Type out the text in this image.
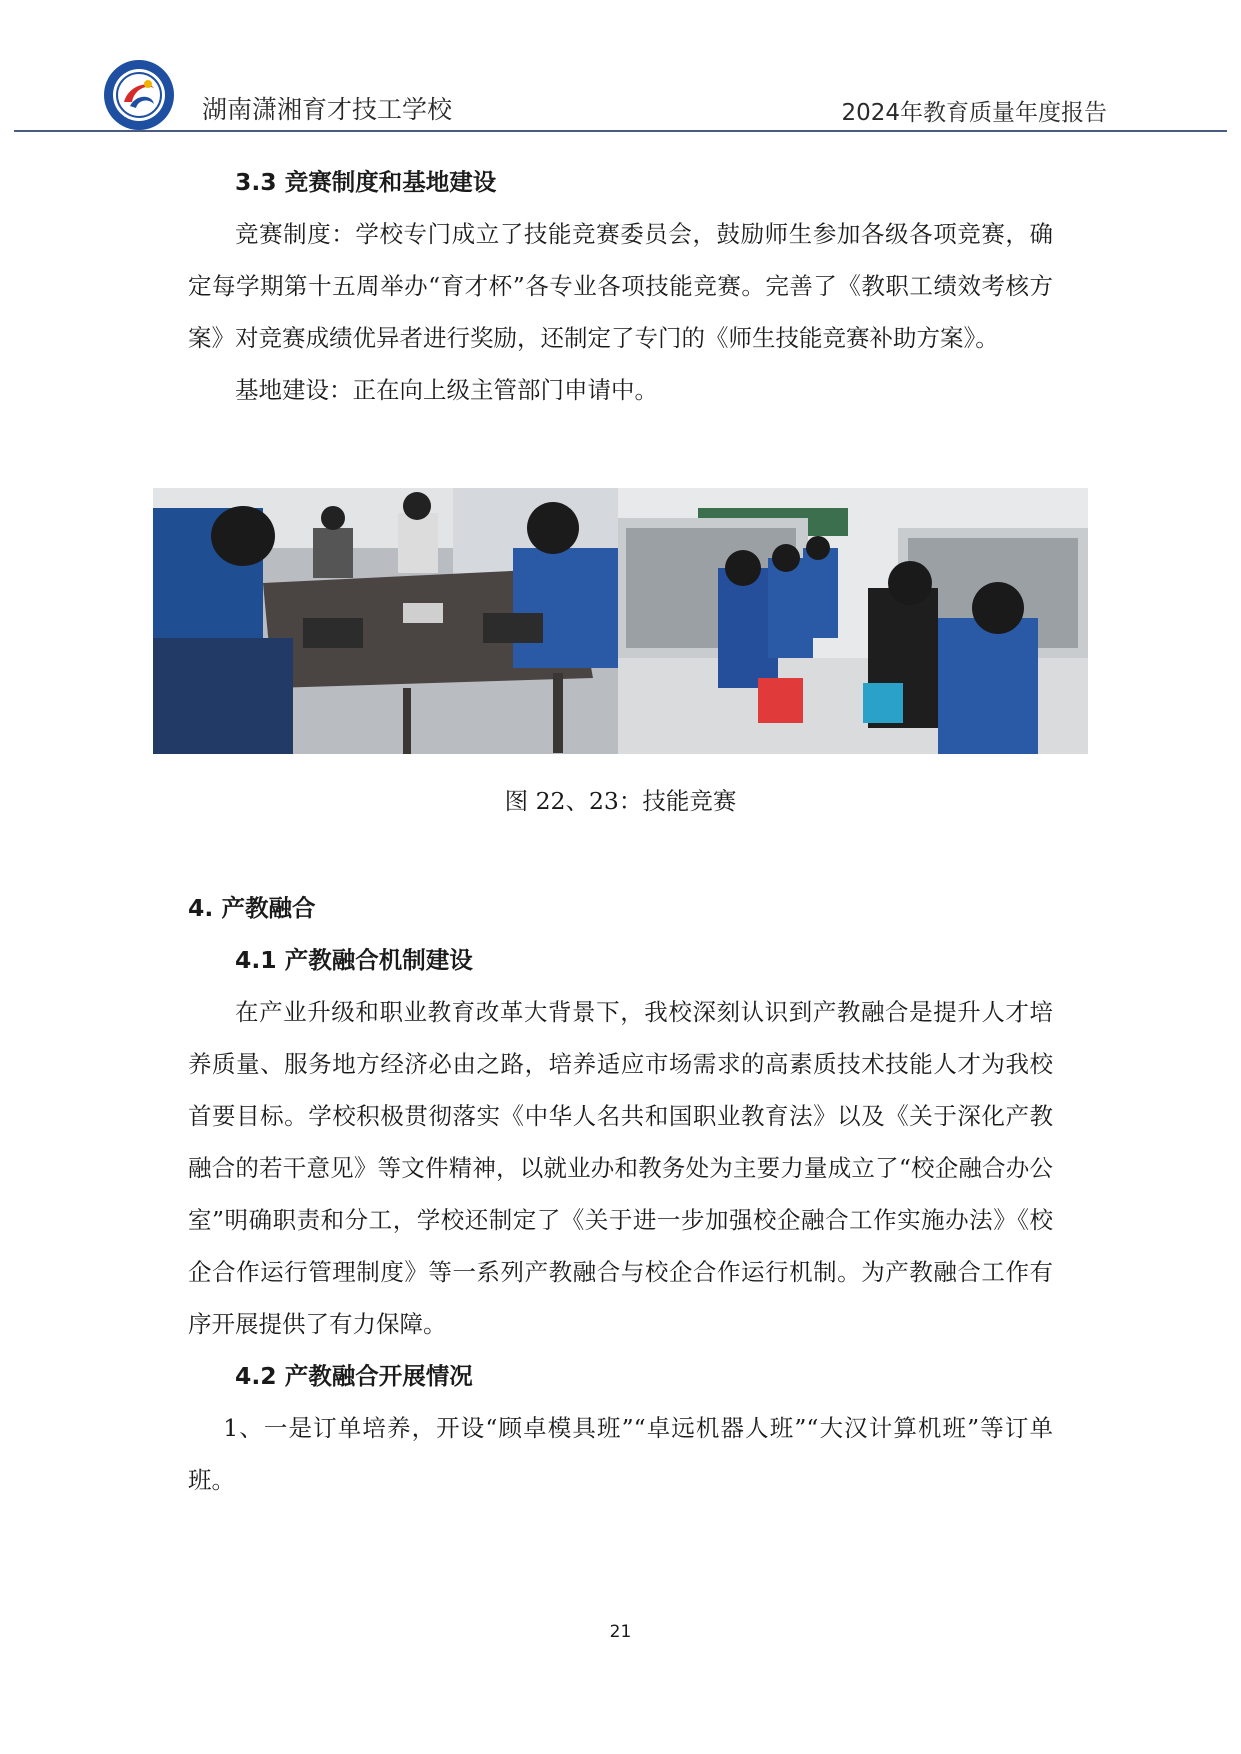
湖南潇湘育才技工学校	2024年教育质量年度报告
3.3 竞赛制度和基地建设

竞赛制度：学校专门成立了技能竞赛委员会，鼓励师生参加各级各项竞赛，确定每学期第十五周举办“育才杯”各专业各项技能竞赛。完善了《教职工绩效考核方案》对竞赛成绩优异者进行奖励，还制定了专门的《师生技能竞赛补助方案》。

基地建设：正在向上级主管部门申请中。

图 22、23：技能竞赛
4. 产教融合
4.1 产教融合机制建设

在产业升级和职业教育改革大背景下，我校深刻认识到产教融合是提升人才培养质量、服务地方经济必由之路，培养适应市场需求的高素质技术技能人才为我校首要目标。学校积极贯彻落实《中华人名共和国职业教育法》以及《关于深化产教融合的若干意见》等文件精神，以就业办和教务处为主要力量成立了“校企融合办公室”明确职责和分工，学校还制定了《关于进一步加强校企融合工作实施办法》《校企合作运行管理制度》等一系列产教融合与校企合作运行机制。为产教融合工作有序开展提供了有力保障。

4.2 产教融合开展情况

1、一是订单培养，开设“顾卓模具班”“卓远机器人班”“大汉计算机班”等订单班。

21
